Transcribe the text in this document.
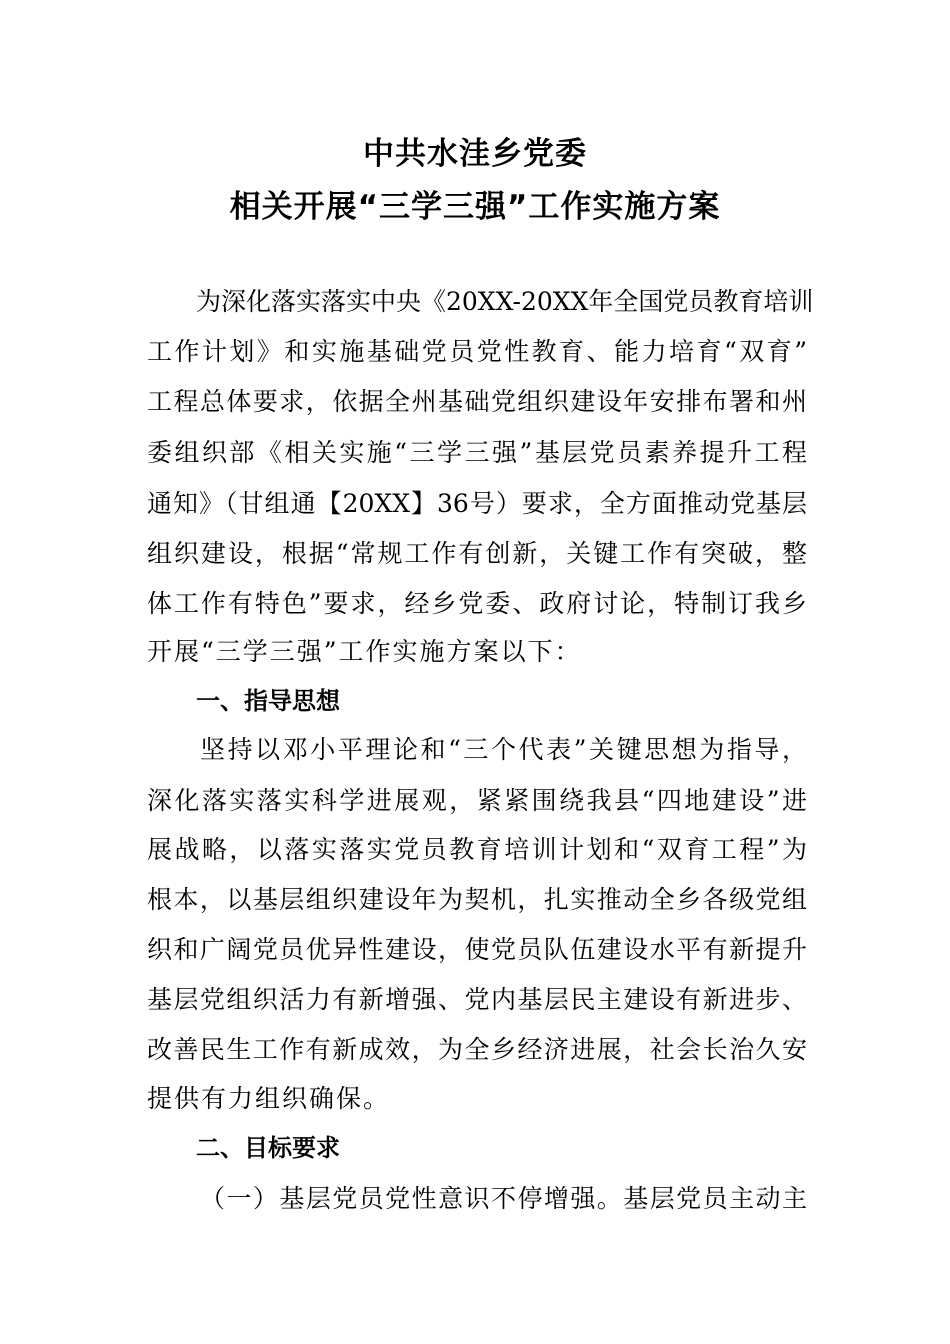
中共水洼乡党委
相关开展“三学三强”工作实施方案
为深化落实落实中央《20XX-20XX年全国党员教育培训
工作计划》和实施基础党员党性教育、能力培育“双育”
工程总体要求，依据全州基础党组织建设年安排布署和州
委组织部《相关实施“三学三强”基层党员素养提升工程
通知》（甘组通【20XX】36号）要求，全方面推动党基层
组织建设，根据“常规工作有创新，关键工作有突破，整
体工作有特色”要求，经乡党委、政府讨论，特制订我乡
开展“三学三强”工作实施方案以下：
一、指导思想
坚持以邓小平理论和“三个代表”关键思想为指导，
深化落实落实科学进展观，紧紧围绕我县“四地建设”进
展战略，以落实落实党员教育培训计划和“双育工程”为
根本，以基层组织建设年为契机，扎实推动全乡各级党组
织和广阔党员优异性建设，使党员队伍建设水平有新提升
基层党组织活力有新增强、党内基层民主建设有新进步、
改善民生工作有新成效，为全乡经济进展，社会长治久安
提供有力组织确保。
二、目标要求
（一）基层党员党性意识不停增强。基层党员主动主
